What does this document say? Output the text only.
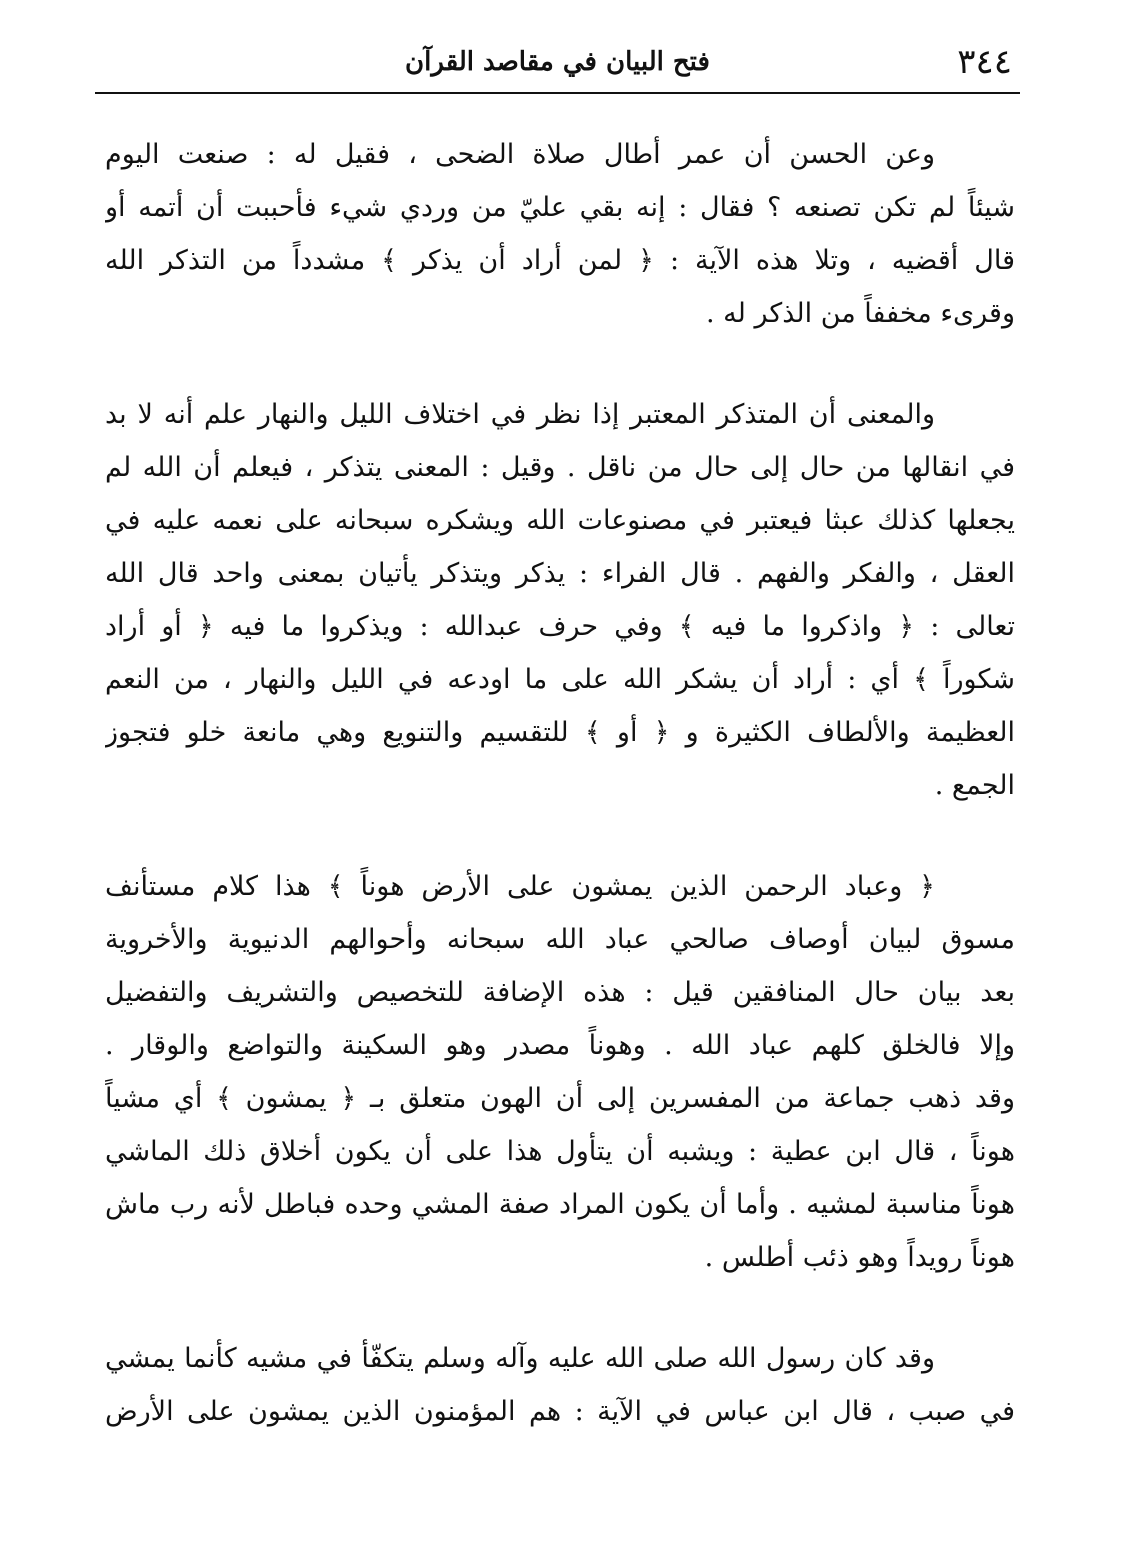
٣٤٤
فتح البيان في مقاصد القرآن
وعن الحسن أن عمر أطال صلاة الضحى ، فقيل له : صنعت اليوم
شيئاً لم تكن تصنعه ؟ فقال : إنه بقي عليّ من وردي شيء فأحببت أن أتمه أو
قال أقضيه ، وتلا هذه الآية : ﴿ لمن أراد أن يذكر ﴾ مشدداً من التذكر الله
وقرىء مخففاً من الذكر له .
والمعنى أن المتذكر المعتبر إذا نظر في اختلاف الليل والنهار علم أنه لا بد
في انقالها من حال إلى حال من ناقل . وقيل : المعنى يتذكر ، فيعلم أن الله لم
يجعلها كذلك عبثا فيعتبر في مصنوعات الله ويشكره سبحانه على نعمه عليه في
العقل ، والفكر والفهم . قال الفراء : يذكر ويتذكر يأتيان بمعنى واحد قال الله
تعالى : ﴿ واذكروا ما فيه ﴾ وفي حرف عبدالله : ويذكروا ما فيه ﴿ أو أراد
شكوراً ﴾ أي : أراد أن يشكر الله على ما اودعه في الليل والنهار ، من النعم
العظيمة والألطاف الكثيرة و ﴿ أو ﴾ للتقسيم والتنويع وهي مانعة خلو فتجوز
الجمع .
﴿ وعباد الرحمن الذين يمشون على الأرض هوناً ﴾ هذا كلام مستأنف
مسوق لبيان أوصاف صالحي عباد الله سبحانه وأحوالهم الدنيوية والأخروية
بعد بيان حال المنافقين قيل : هذه الإضافة للتخصيص والتشريف والتفضيل
وإلا فالخلق كلهم عباد الله . وهوناً مصدر وهو السكينة والتواضع والوقار .
وقد ذهب جماعة من المفسرين إلى أن الهون متعلق بـ ﴿ يمشون ﴾ أي مشياً
هوناً ، قال ابن عطية : ويشبه أن يتأول هذا على أن يكون أخلاق ذلك الماشي
هوناً مناسبة لمشيه . وأما أن يكون المراد صفة المشي وحده فباطل لأنه رب ماش
هوناً رويداً وهو ذئب أطلس .
وقد كان رسول الله صلى الله عليه وآله وسلم يتكفّأ في مشيه كأنما يمشي
في صبب ، قال ابن عباس في الآية : هم المؤمنون الذين يمشون على الأرض
